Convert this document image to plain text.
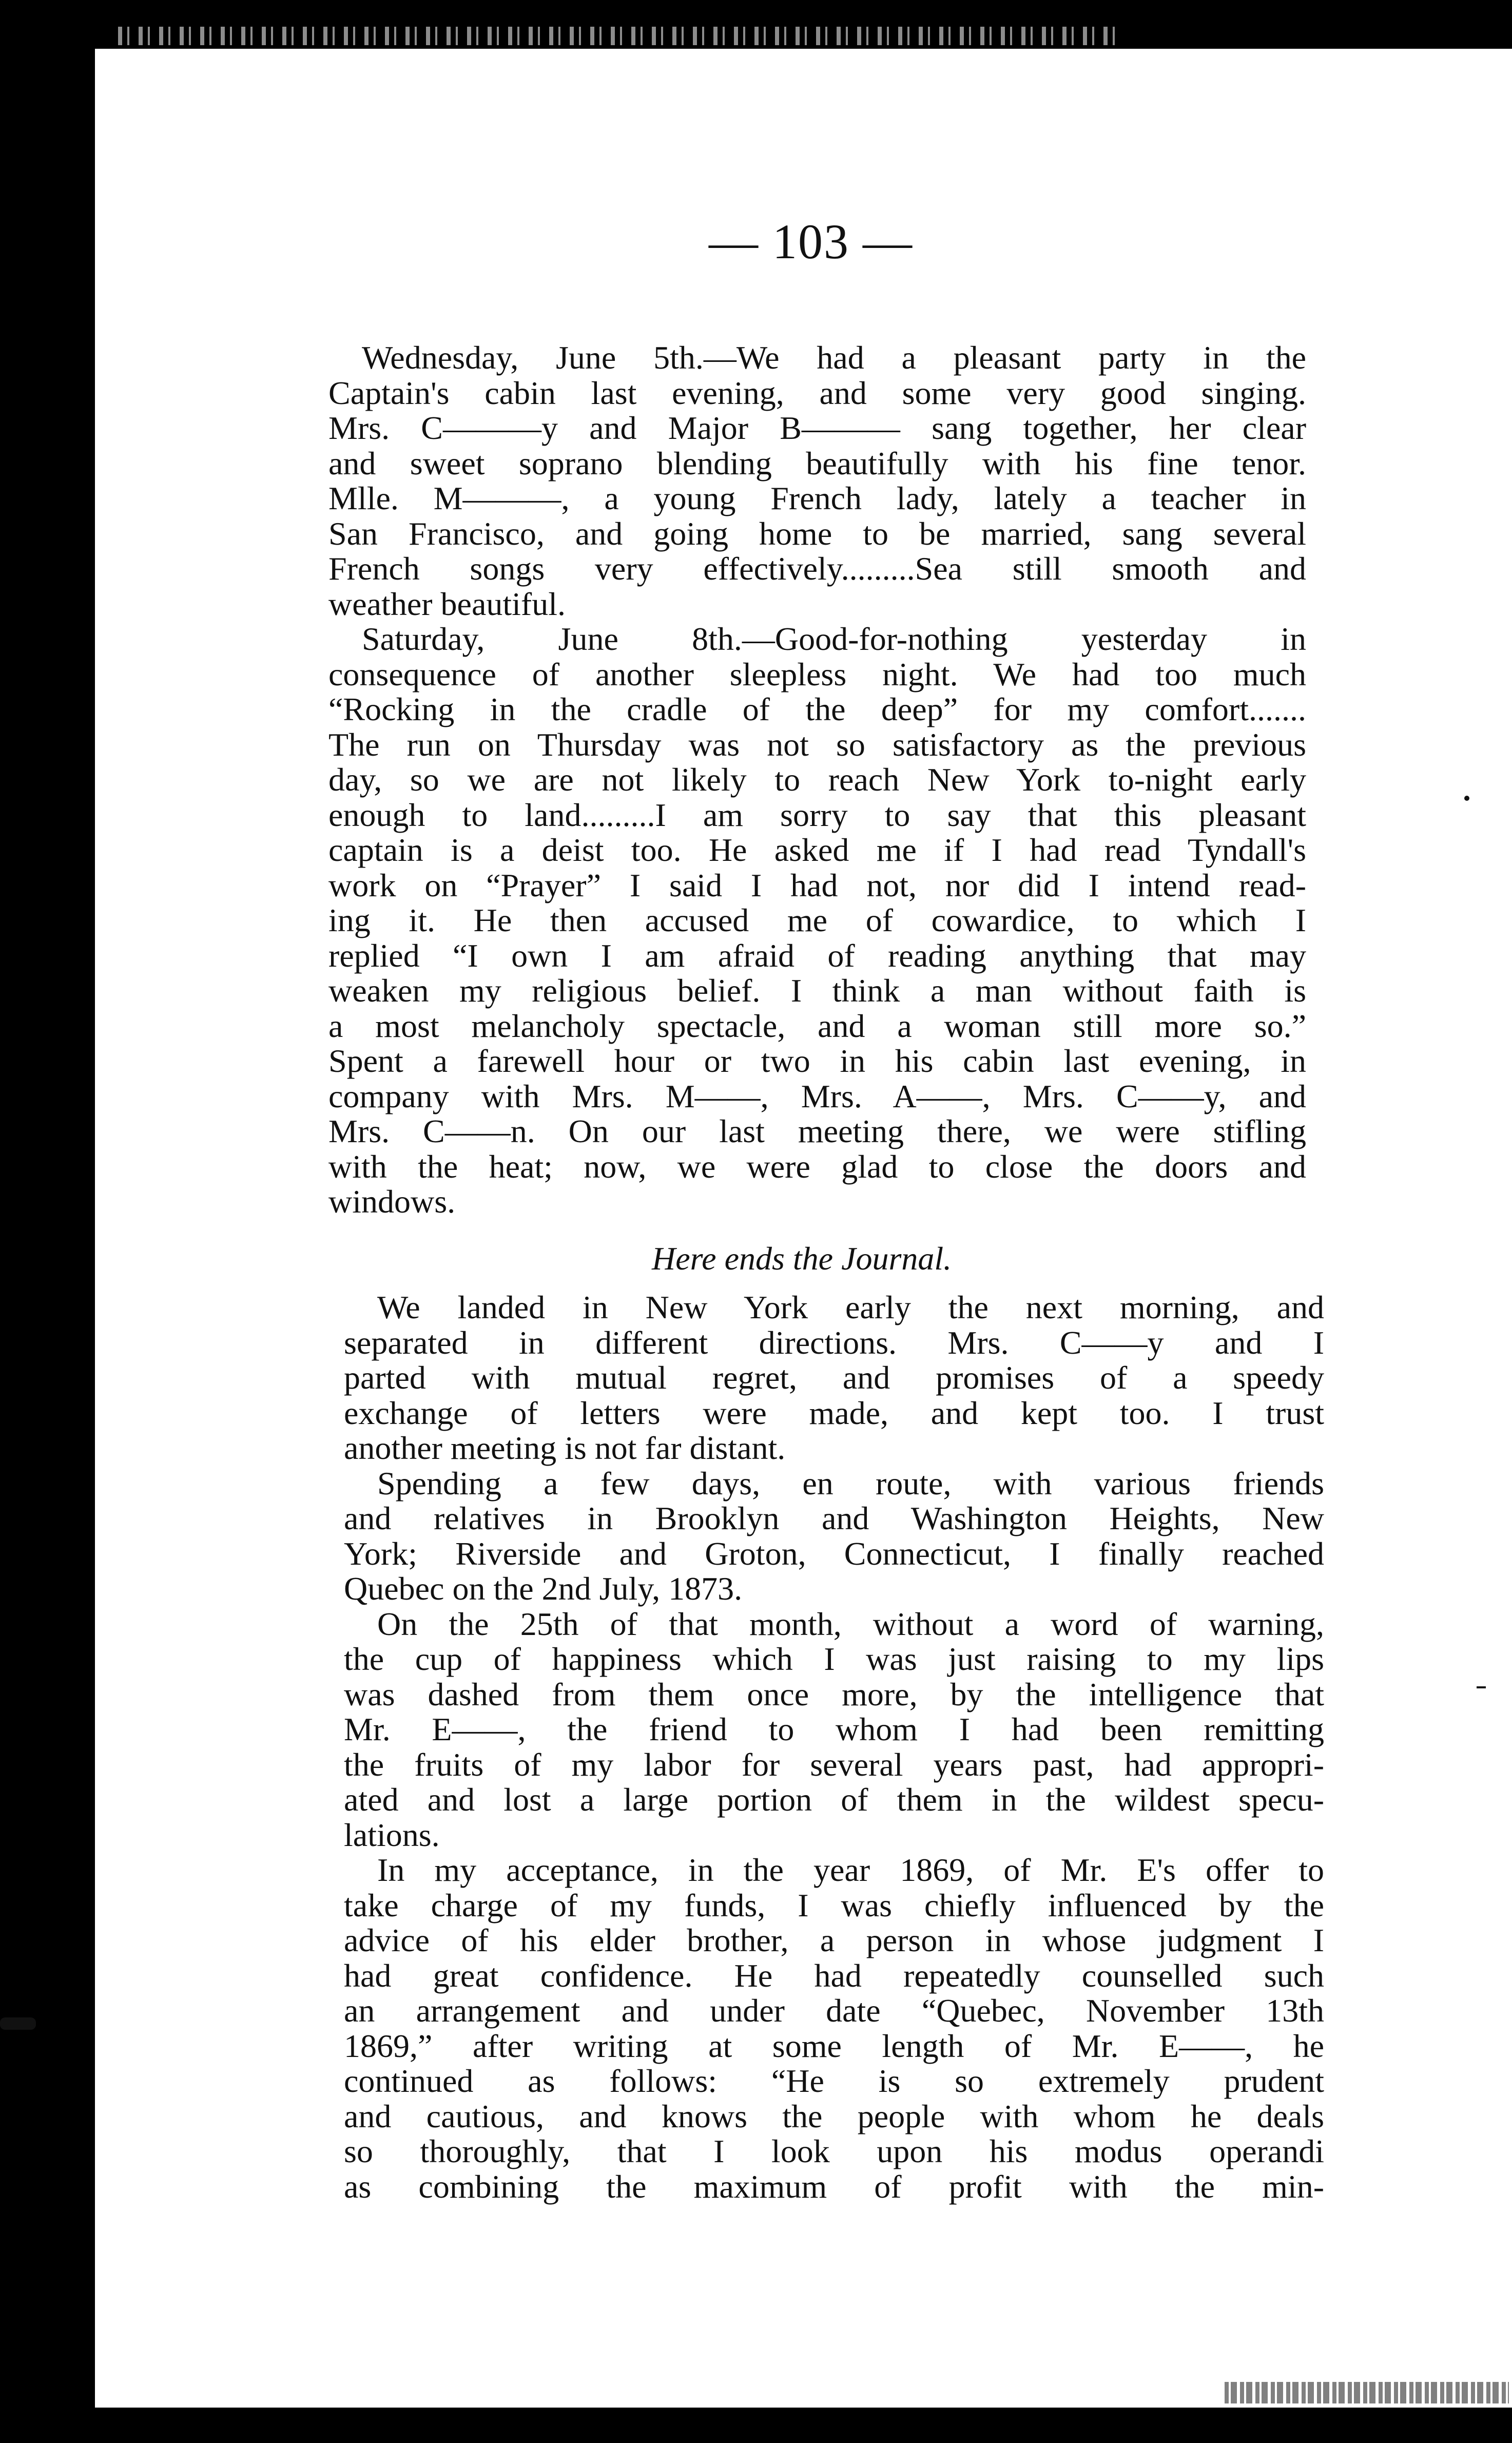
— 103 —
Wednesday, June 5th.—We had a pleasant party in the
Captain's cabin last evening, and some very good singing.
Mrs. C———y and Major B——— sang together, her clear
and sweet soprano blending beautifully with his fine tenor.
Mlle. M———, a young French lady, lately a teacher in
San Francisco, and going home to be married, sang several
French songs very effectively.........Sea still smooth and
weather beautiful.
Saturday, June 8th.—Good-for-nothing yesterday in
consequence of another sleepless night. We had too much
“Rocking in the cradle of the deep” for my comfort.......
The run on Thursday was not so satisfactory as the previous
day, so we are not likely to reach New York to-night early
enough to land.........I am sorry to say that this pleasant
captain is a deist too. He asked me if I had read Tyndall's
work on “Prayer” I said I had not, nor did I intend read-
ing it. He then accused me of cowardice, to which I
replied “I own I am afraid of reading anything that may
weaken my religious belief. I think a man without faith is
a most melancholy spectacle, and a woman still more so.”
Spent a farewell hour or two in his cabin last evening, in
company with Mrs. M——, Mrs. A——, Mrs. C——y, and
Mrs. C——n. On our last meeting there, we were stifling
with the heat; now, we were glad to close the doors and
windows.
Here ends the Journal.
We landed in New York early the next morning, and
separated in different directions. Mrs. C——y and I
parted with mutual regret, and promises of a speedy
exchange of letters were made, and kept too. I trust
another meeting is not far distant.
Spending a few days, en route, with various friends
and relatives in Brooklyn and Washington Heights, New
York; Riverside and Groton, Connecticut, I finally reached
Quebec on the 2nd July, 1873.
On the 25th of that month, without a word of warning,
the cup of happiness which I was just raising to my lips
was dashed from them once more, by the intelligence that
Mr. E——, the friend to whom I had been remitting
the fruits of my labor for several years past, had appropri-
ated and lost a large portion of them in the wildest specu-
lations.
In my acceptance, in the year 1869, of Mr. E's offer to
take charge of my funds, I was chiefly influenced by the
advice of his elder brother, a person in whose judgment I
had great confidence. He had repeatedly counselled such
an arrangement and under date “Quebec, November 13th
1869,” after writing at some length of Mr. E——, he
continued as follows: “He is so extremely prudent
and cautious, and knows the people with whom he deals
so thoroughly, that I look upon his modus operandi
as combining the maximum of profit with the min-
